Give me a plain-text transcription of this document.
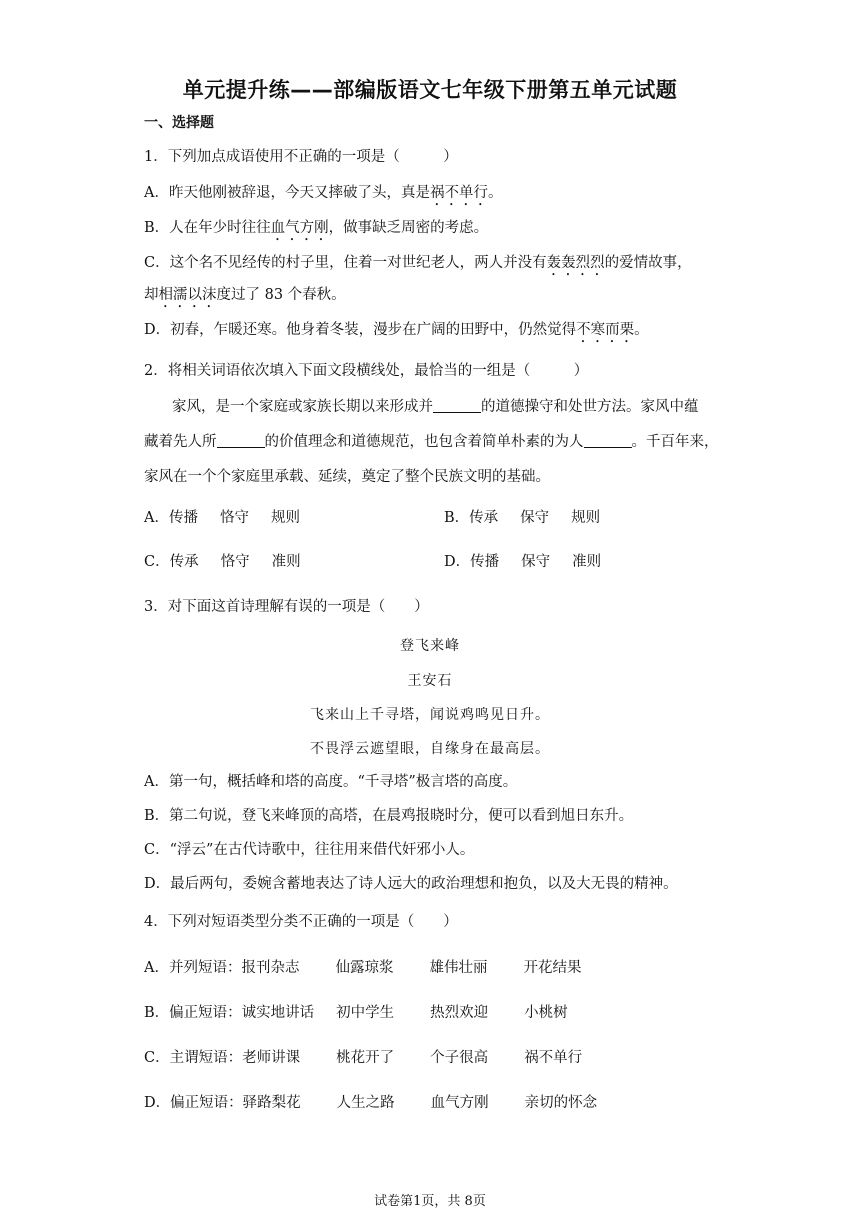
单元提升练——部编版语文七年级下册第五单元试题
一、选择题
1．下列加点成语使用不正确的一项是（　　　）
A．昨天他刚被辞退，今天又摔破了头，真是祸不单行。
B．人在年少时往往血气方刚，做事缺乏周密的考虑。
C．这个名不见经传的村子里，住着一对世纪老人，两人并没有轰轰烈烈的爱情故事，
却相濡以沫度过了 83 个春秋。
D．初春，乍暖还寒。他身着冬装，漫步在广阔的田野中，仍然觉得不寒而栗。
2．将相关词语依次填入下面文段横线处，最恰当的一组是（　　　）
家风，是一个家庭或家族长期以来形成并	的道德操守和处世方法。家风中蕴
藏着先人所	的价值理念和道德规范，也包含着简单朴素的为人	。千百年来，
家风在一个个家庭里承载、延续，奠定了整个民族文明的基础。
A．传播 恪守 规则	B．传承 保守 规则
C．传承 恪守 准则	D．传播 保守 准则
3．对下面这首诗理解有误的一项是（　　）
登飞来峰
王安石
飞来山上千寻塔，闻说鸡鸣见日升。
不畏浮云遮望眼，自缘身在最高层。
A．第一句，概括峰和塔的高度。“千寻塔”极言塔的高度。
B．第二句说，登飞来峰顶的高塔，在晨鸡报晓时分，便可以看到旭日东升。
C．“浮云”在古代诗歌中，往往用来借代奸邪小人。
D．最后两句，委婉含蓄地表达了诗人远大的政治理想和抱负，以及大无畏的精神。
4．下列对短语类型分类不正确的一项是（　　）
A．并列短语：报刊杂志 仙露琼浆 雄伟壮丽 开花结果
B．偏正短语：诚实地讲话 初中学生 热烈欢迎 小桃树
C．主谓短语：老师讲课 桃花开了 个子很高 祸不单行
D．偏正短语：驿路梨花 人生之路 血气方刚 亲切的怀念
试卷第1页，共 8页
